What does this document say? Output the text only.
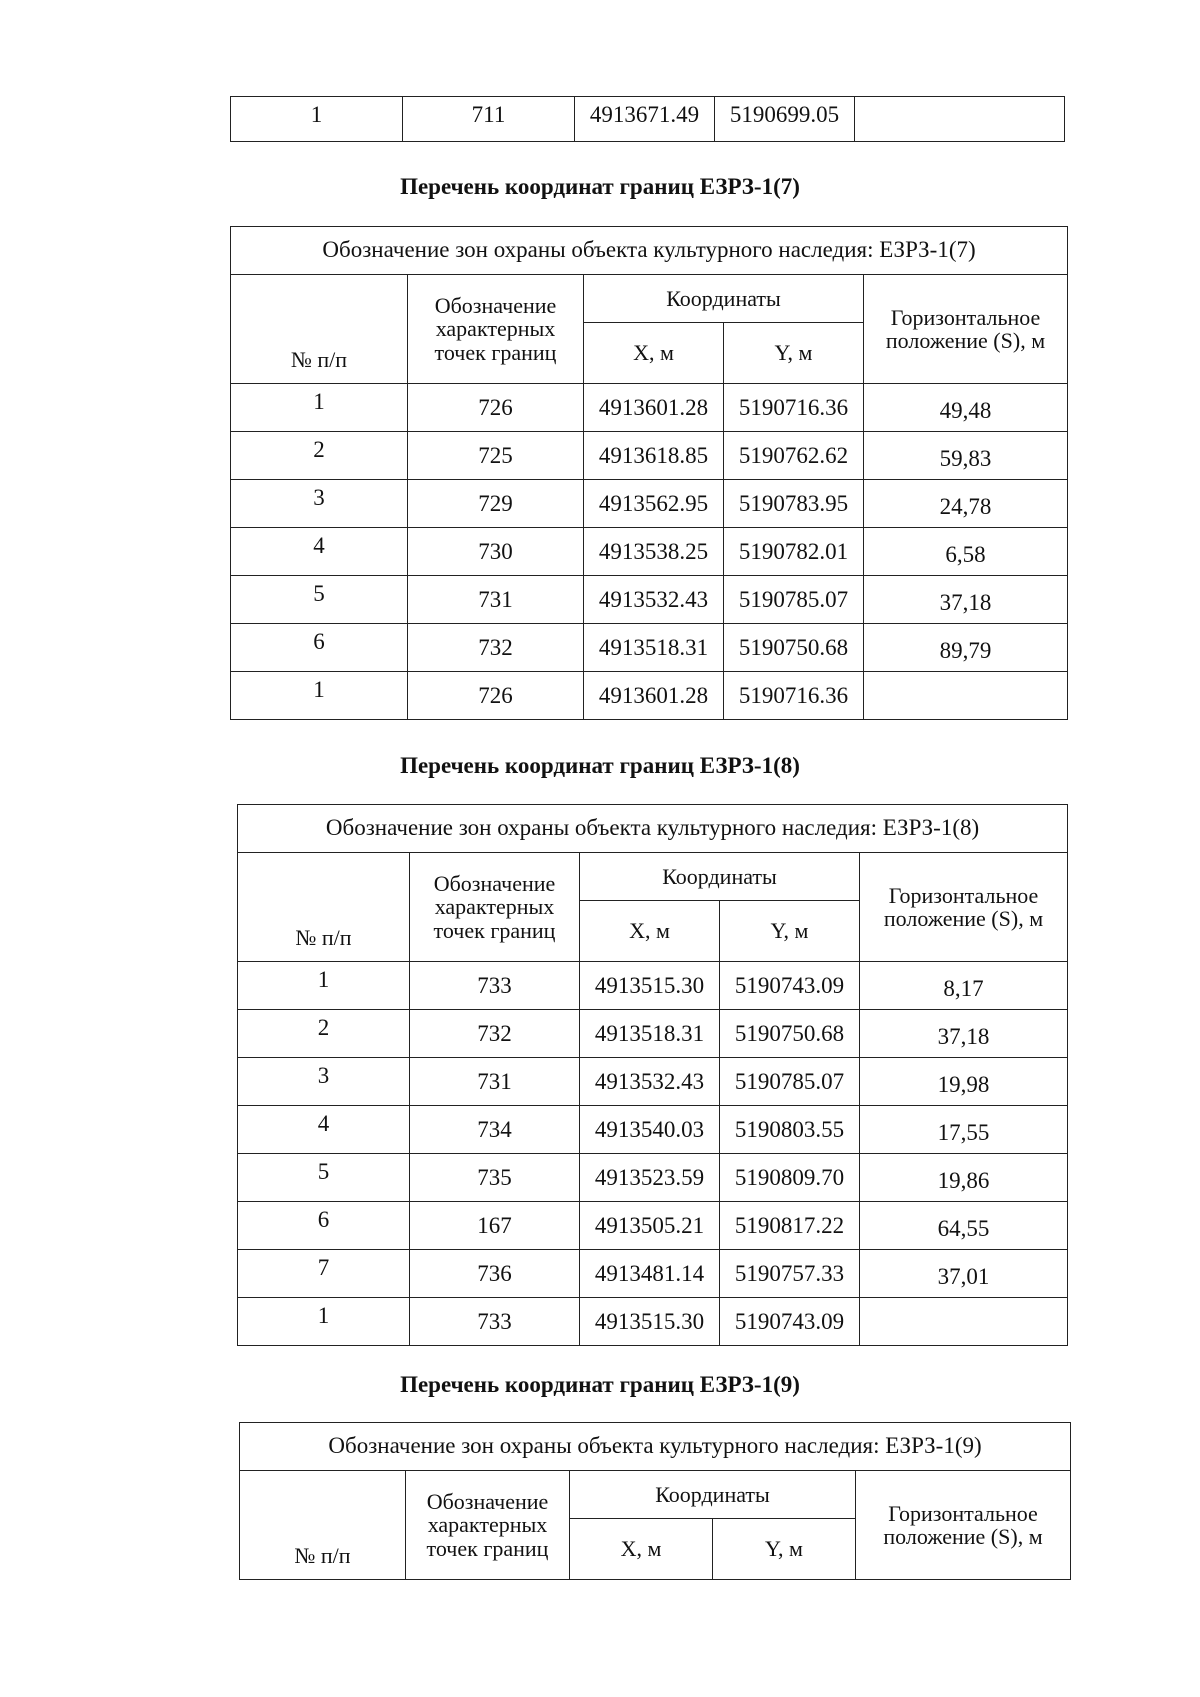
1	711	4913671.49	5190699.05	
Перечень координат границ ЕЗРЗ-1(7)
Обозначение зон охраны объекта культурного наследия: ЕЗРЗ-1(7)				
№ п/п	Обозначение характерных точек границ	Координаты		Горизонтальное положение (S), м
		X, м	Y, м	
1	726	4913601.28	5190716.36	49,48
2	725	4913618.85	5190762.62	59,83
3	729	4913562.95	5190783.95	24,78
4	730	4913538.25	5190782.01	6,58
5	731	4913532.43	5190785.07	37,18
6	732	4913518.31	5190750.68	89,79
1	726	4913601.28	5190716.36	
Перечень координат границ ЕЗРЗ-1(8)
Обозначение зон охраны объекта культурного наследия: ЕЗРЗ-1(8)				
№ п/п	Обозначение характерных точек границ	Координаты		Горизонтальное положение (S), м
		X, м	Y, м	
1	733	4913515.30	5190743.09	8,17
2	732	4913518.31	5190750.68	37,18
3	731	4913532.43	5190785.07	19,98
4	734	4913540.03	5190803.55	17,55
5	735	4913523.59	5190809.70	19,86
6	167	4913505.21	5190817.22	64,55
7	736	4913481.14	5190757.33	37,01
1	733	4913515.30	5190743.09	
Перечень координат границ ЕЗРЗ-1(9)
Обозначение зон охраны объекта культурного наследия: ЕЗРЗ-1(9)				
№ п/п	Обозначение характерных точек границ	Координаты		Горизонтальное положение (S), м
		X, м	Y, м	
